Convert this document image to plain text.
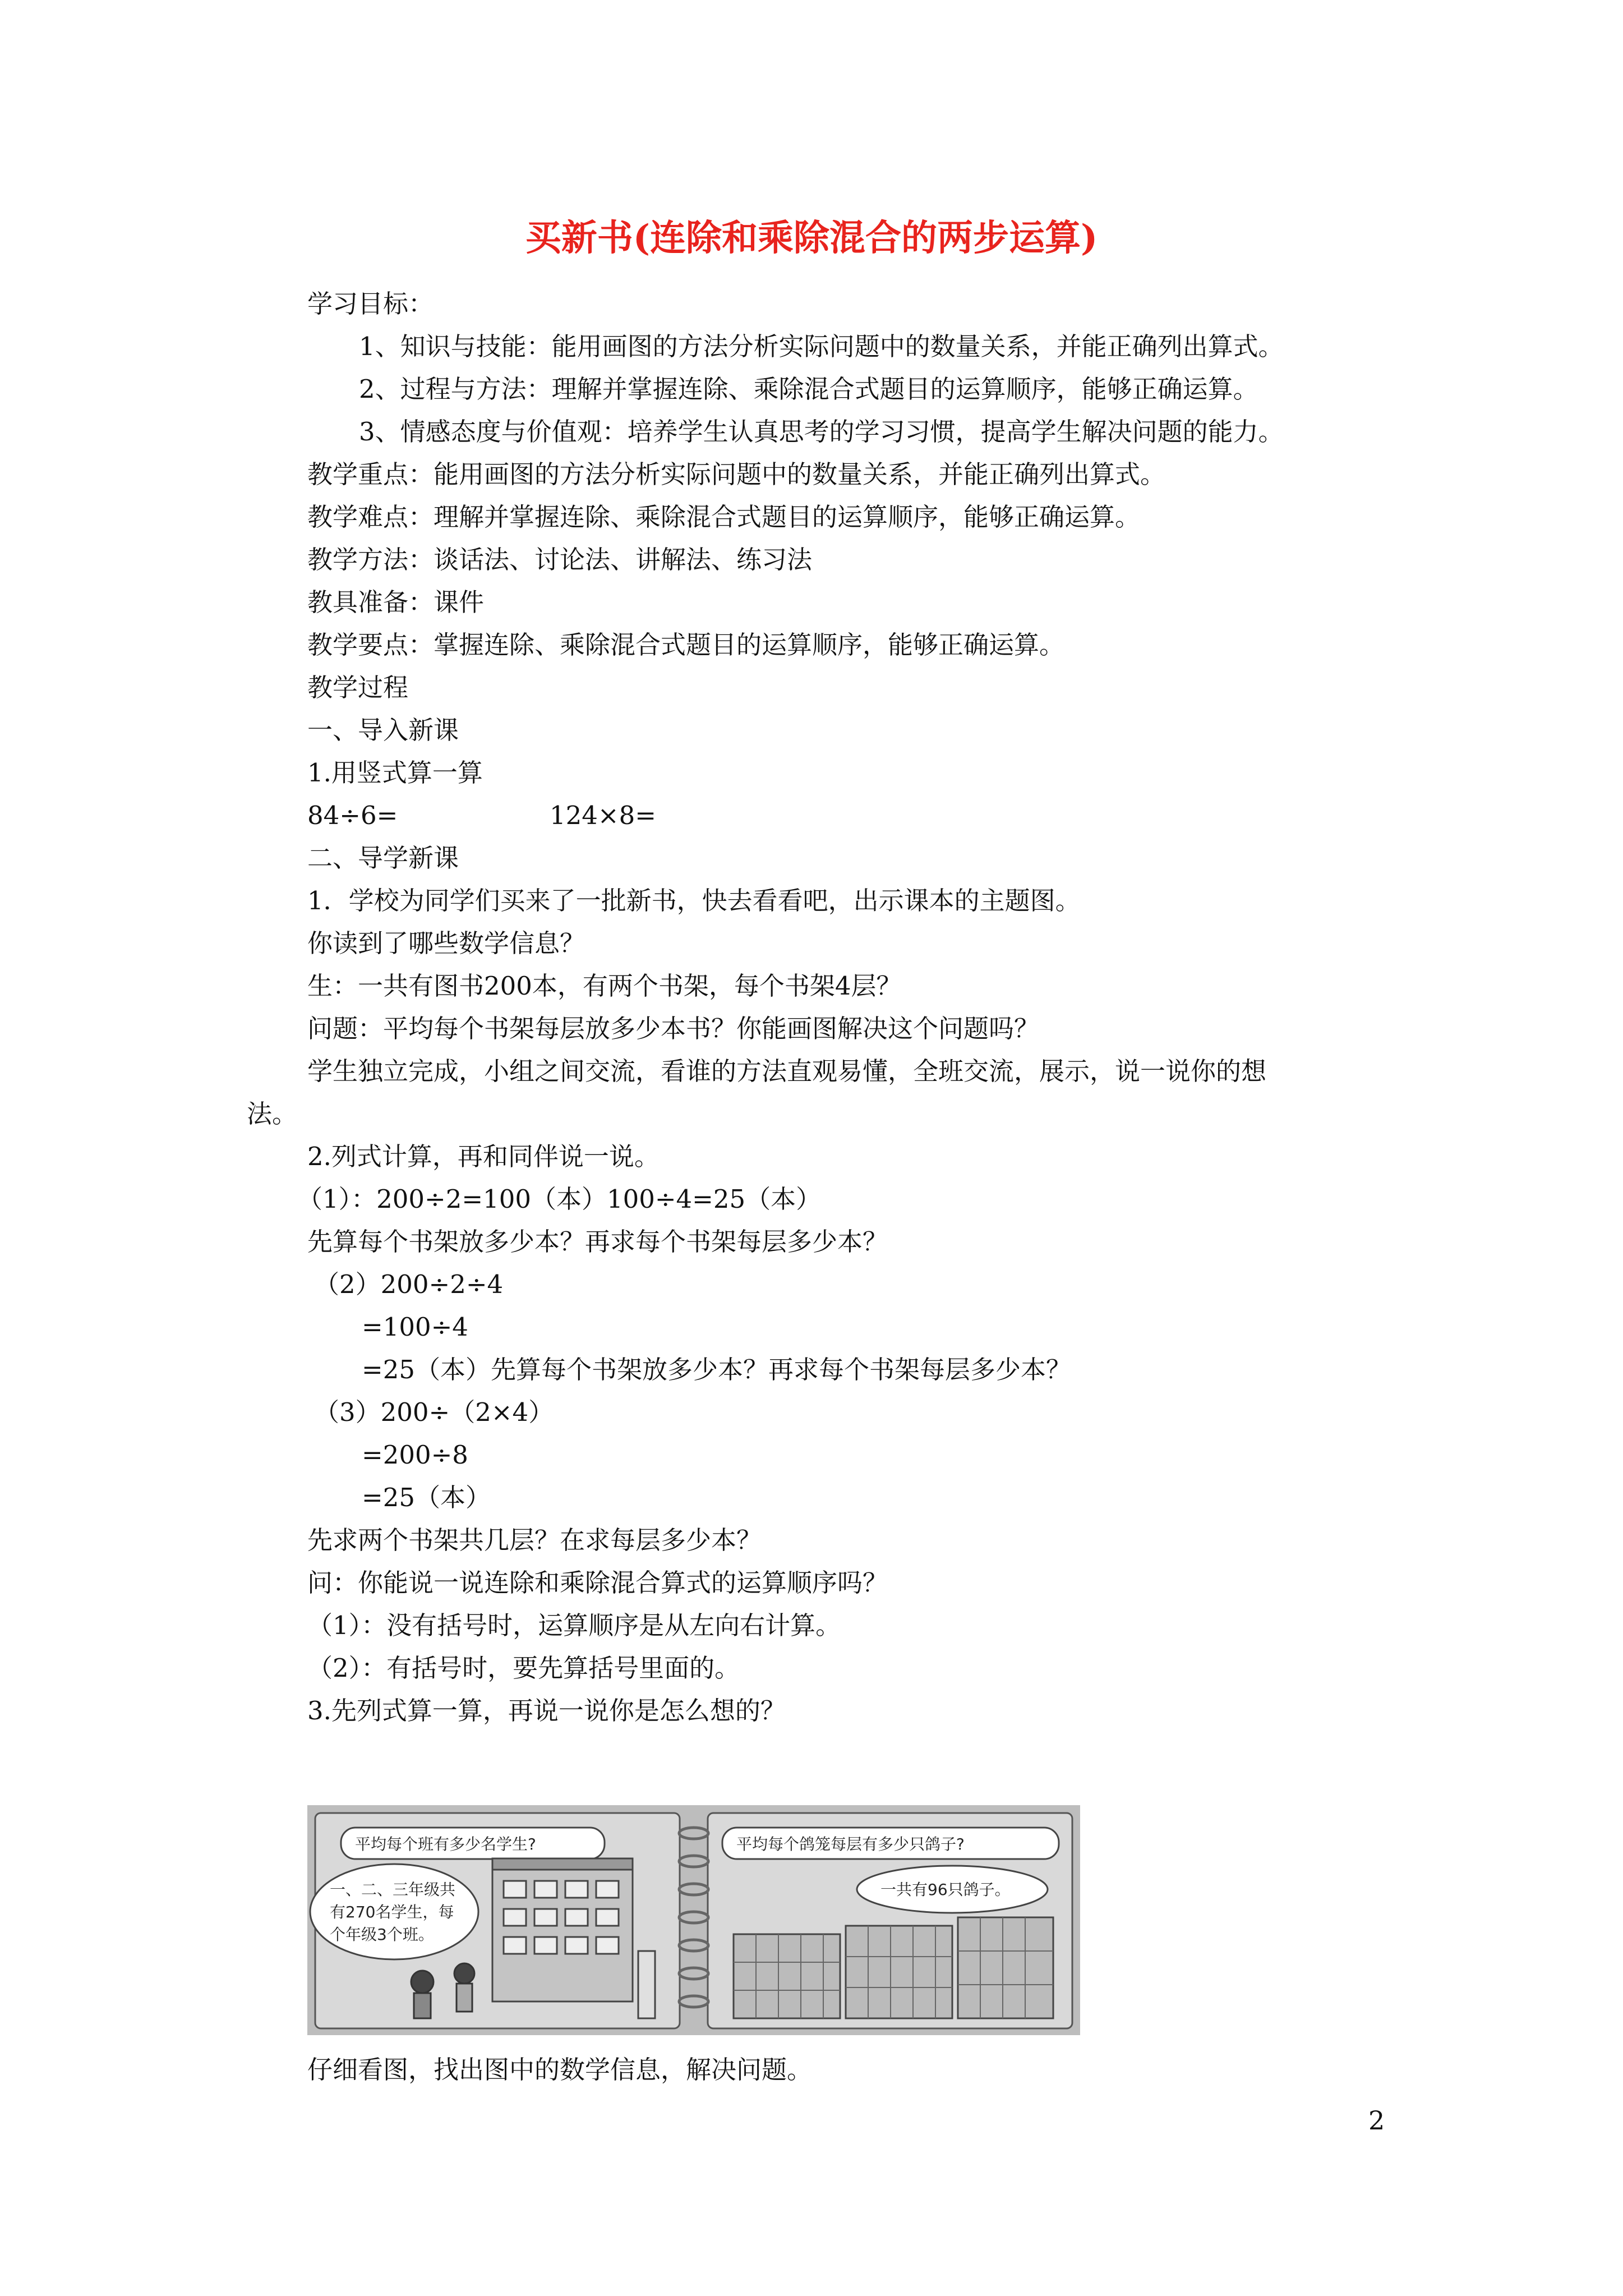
买新书(连除和乘除混合的两步运算)
学习目标：
1、知识与技能：能用画图的方法分析实际问题中的数量关系，并能正确列出算式。
2、过程与方法：理解并掌握连除、乘除混合式题目的运算顺序，能够正确运算。
3、情感态度与价值观：培养学生认真思考的学习习惯，提高学生解决问题的能力。
教学重点：能用画图的方法分析实际问题中的数量关系，并能正确列出算式。
教学难点：理解并掌握连除、乘除混合式题目的运算顺序，能够正确运算。
教学方法：谈话法、讨论法、讲解法、练习法
教具准备：课件
教学要点：掌握连除、乘除混合式题目的运算顺序，能够正确运算。
教学过程
一、导入新课
1.用竖式算一算
84÷6=	124×8=
二、导学新课
1．学校为同学们买来了一批新书，快去看看吧，出示课本的主题图。
你读到了哪些数学信息？
生：一共有图书200本，有两个书架，每个书架4层？
问题：平均每个书架每层放多少本书？你能画图解决这个问题吗？
学生独立完成，小组之间交流，看谁的方法直观易懂，全班交流，展示，说一说你的想
法。
2.列式计算，再和同伴说一说。
（1）：200÷2=100（本）100÷4=25（本）
先算每个书架放多少本？再求每个书架每层多少本？
（2）200÷2÷4
=100÷4
=25（本）先算每个书架放多少本？再求每个书架每层多少本？
（3）200÷（2×4）
=200÷8
=25（本）
先求两个书架共几层？在求每层多少本？
问：你能说一说连除和乘除混合算式的运算顺序吗？
（1）：没有括号时，运算顺序是从左向右计算。
（2）：有括号时，要先算括号里面的。
3.先列式算一算，再说一说你是怎么想的？
平均每个班有多少名学生?
一、二、三年级共
有270名学生，每
个年级3个班。
平均每个鸽笼每层有多少只鸽子?
一共有96只鸽子。
仔细看图，找出图中的数学信息，解决问题。
2
